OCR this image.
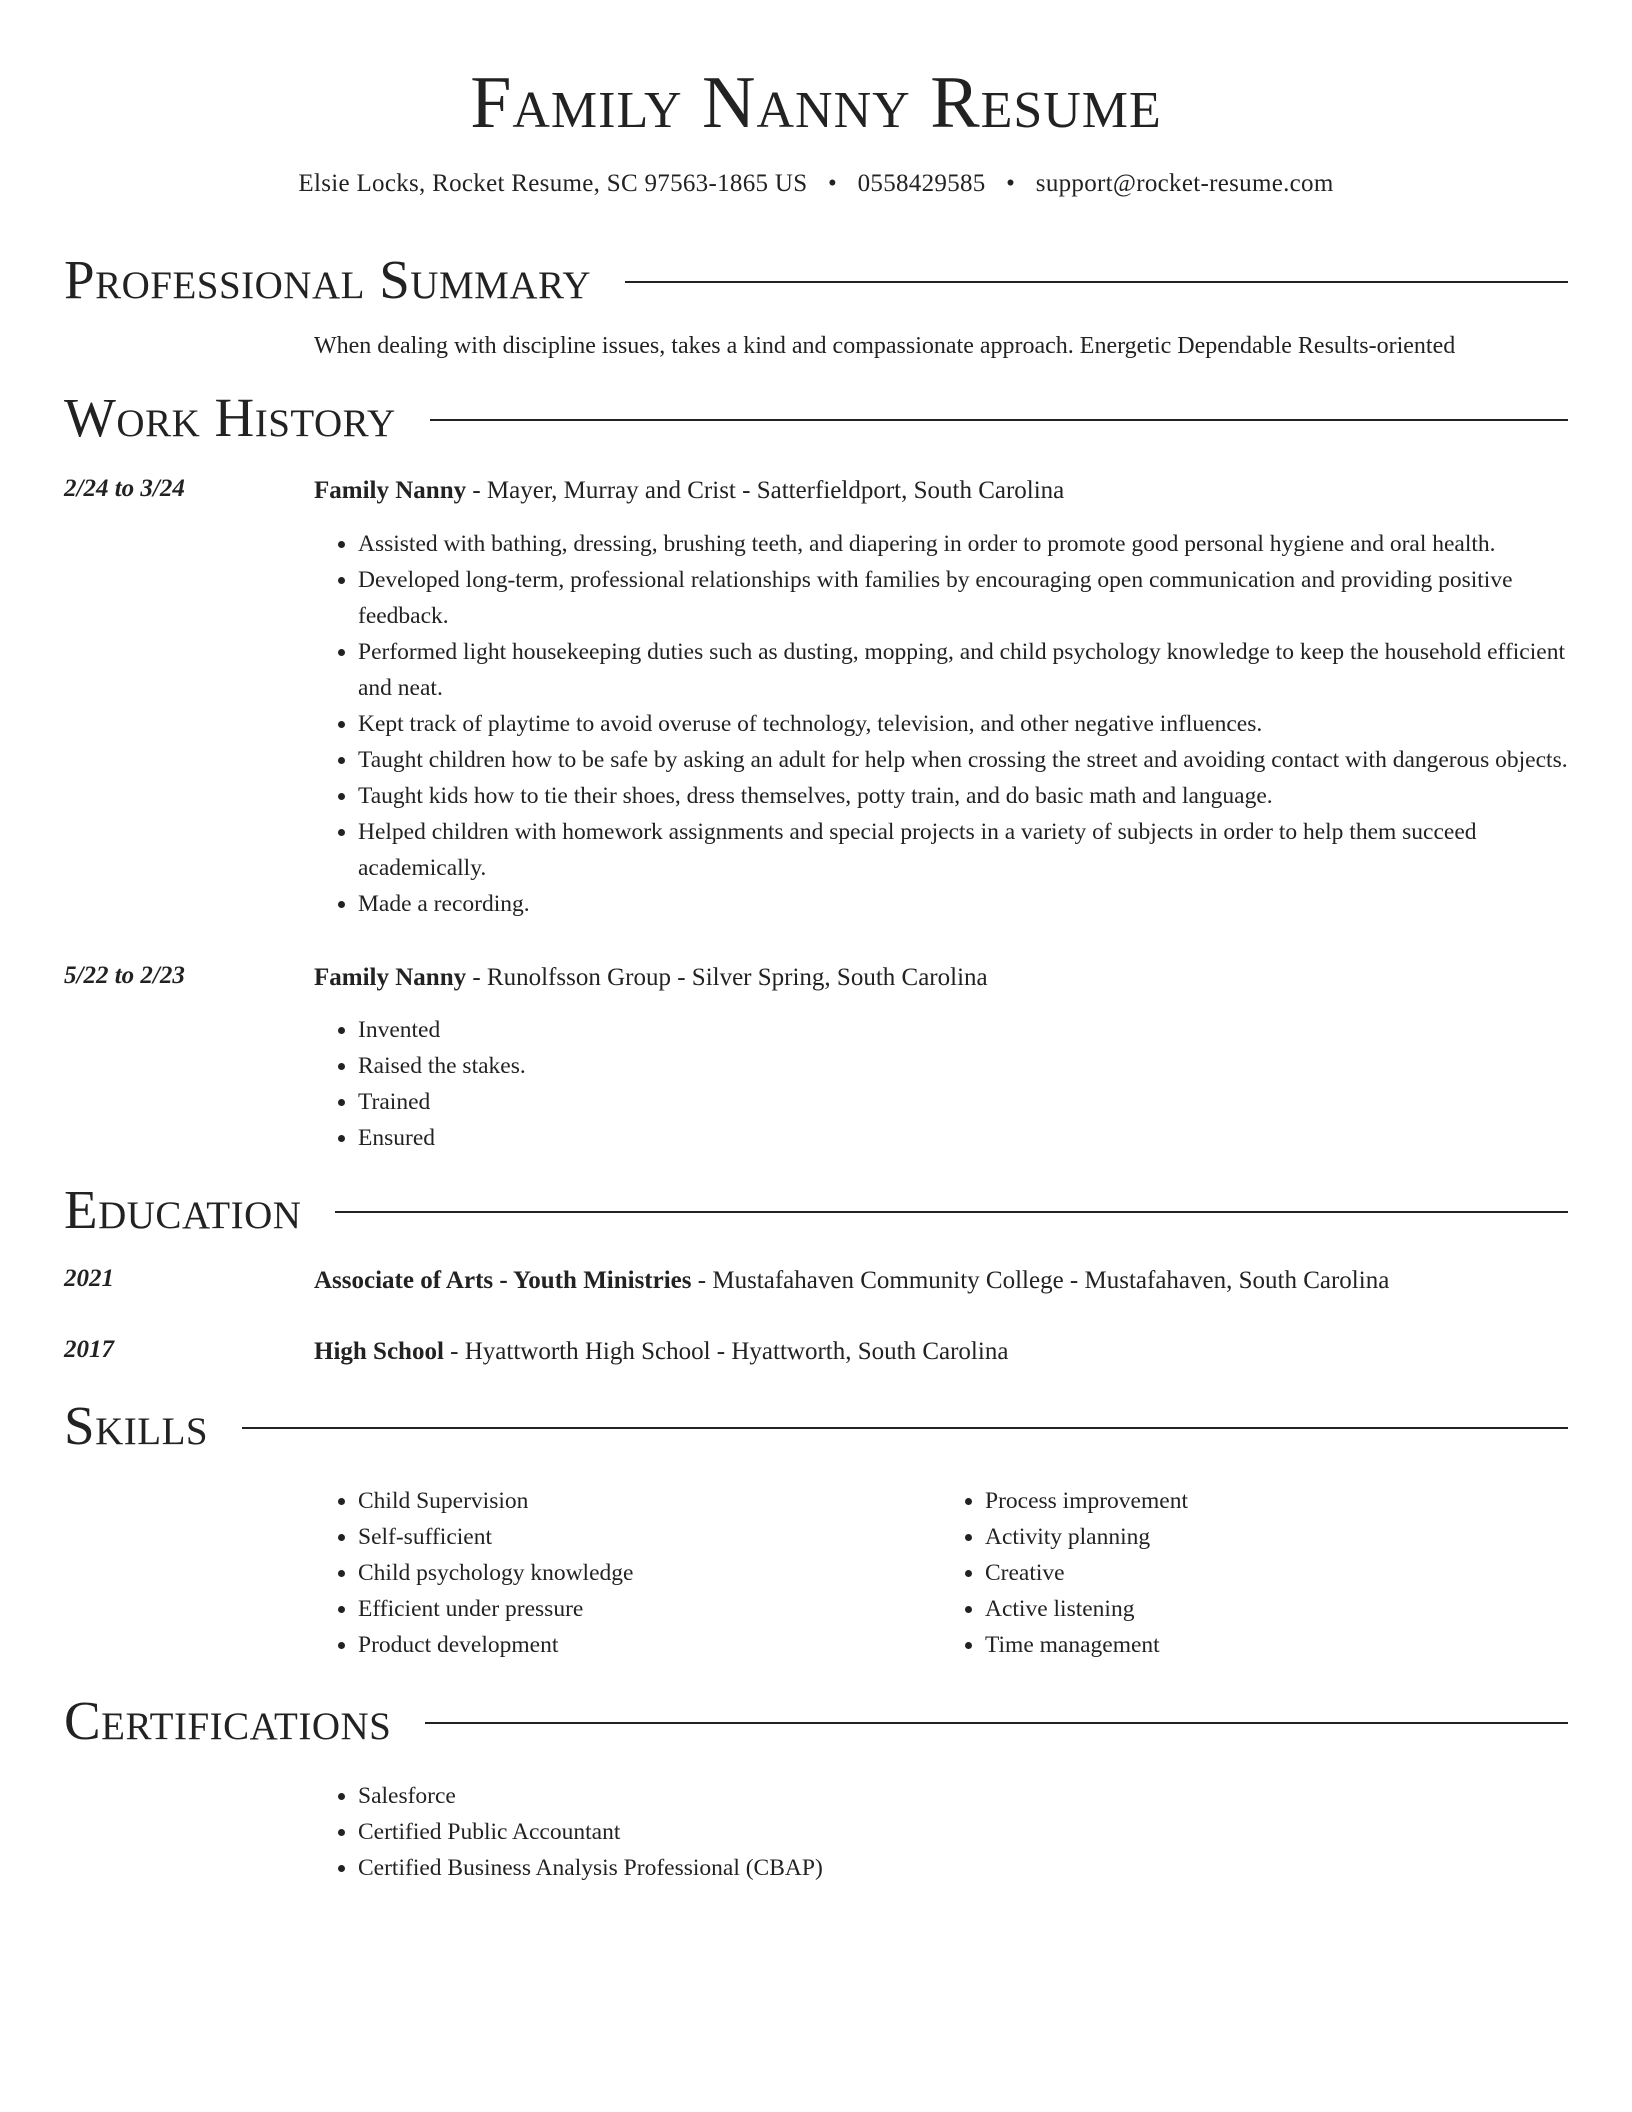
Family Nanny Resume
Elsie Locks, Rocket Resume, SC 97563-1865 US • 0558429585 • support@rocket-resume.com
Professional Summary
When dealing with discipline issues, takes a kind and compassionate approach. Energetic Dependable Results-oriented
Work History
2/24 to 3/24	Family Nanny - Mayer, Murray and Crist - Satterfieldport, South Carolina
• Assisted with bathing, dressing, brushing teeth, and diapering in order to promote good personal hygiene and oral health.
• Developed long-term, professional relationships with families by encouraging open communication and providing positive feedback.
• Performed light housekeeping duties such as dusting, mopping, and child psychology knowledge to keep the household efficient and neat.
• Kept track of playtime to avoid overuse of technology, television, and other negative influences.
• Taught children how to be safe by asking an adult for help when crossing the street and avoiding contact with dangerous objects.
• Taught kids how to tie their shoes, dress themselves, potty train, and do basic math and language.
• Helped children with homework assignments and special projects in a variety of subjects in order to help them succeed academically.
• Made a recording.
5/22 to 2/23	Family Nanny - Runolfsson Group - Silver Spring, South Carolina
• Invented
• Raised the stakes.
• Trained
• Ensured
Education
2021	Associate of Arts - Youth Ministries - Mustafahaven Community College - Mustafahaven, South Carolina
2017	High School - Hyattworth High School - Hyattworth, South Carolina
Skills
• Child Supervision
• Self-sufficient
• Child psychology knowledge
• Efficient under pressure
• Product development
• Process improvement
• Activity planning
• Creative
• Active listening
• Time management
Certifications
• Salesforce
• Certified Public Accountant
• Certified Business Analysis Professional (CBAP)
